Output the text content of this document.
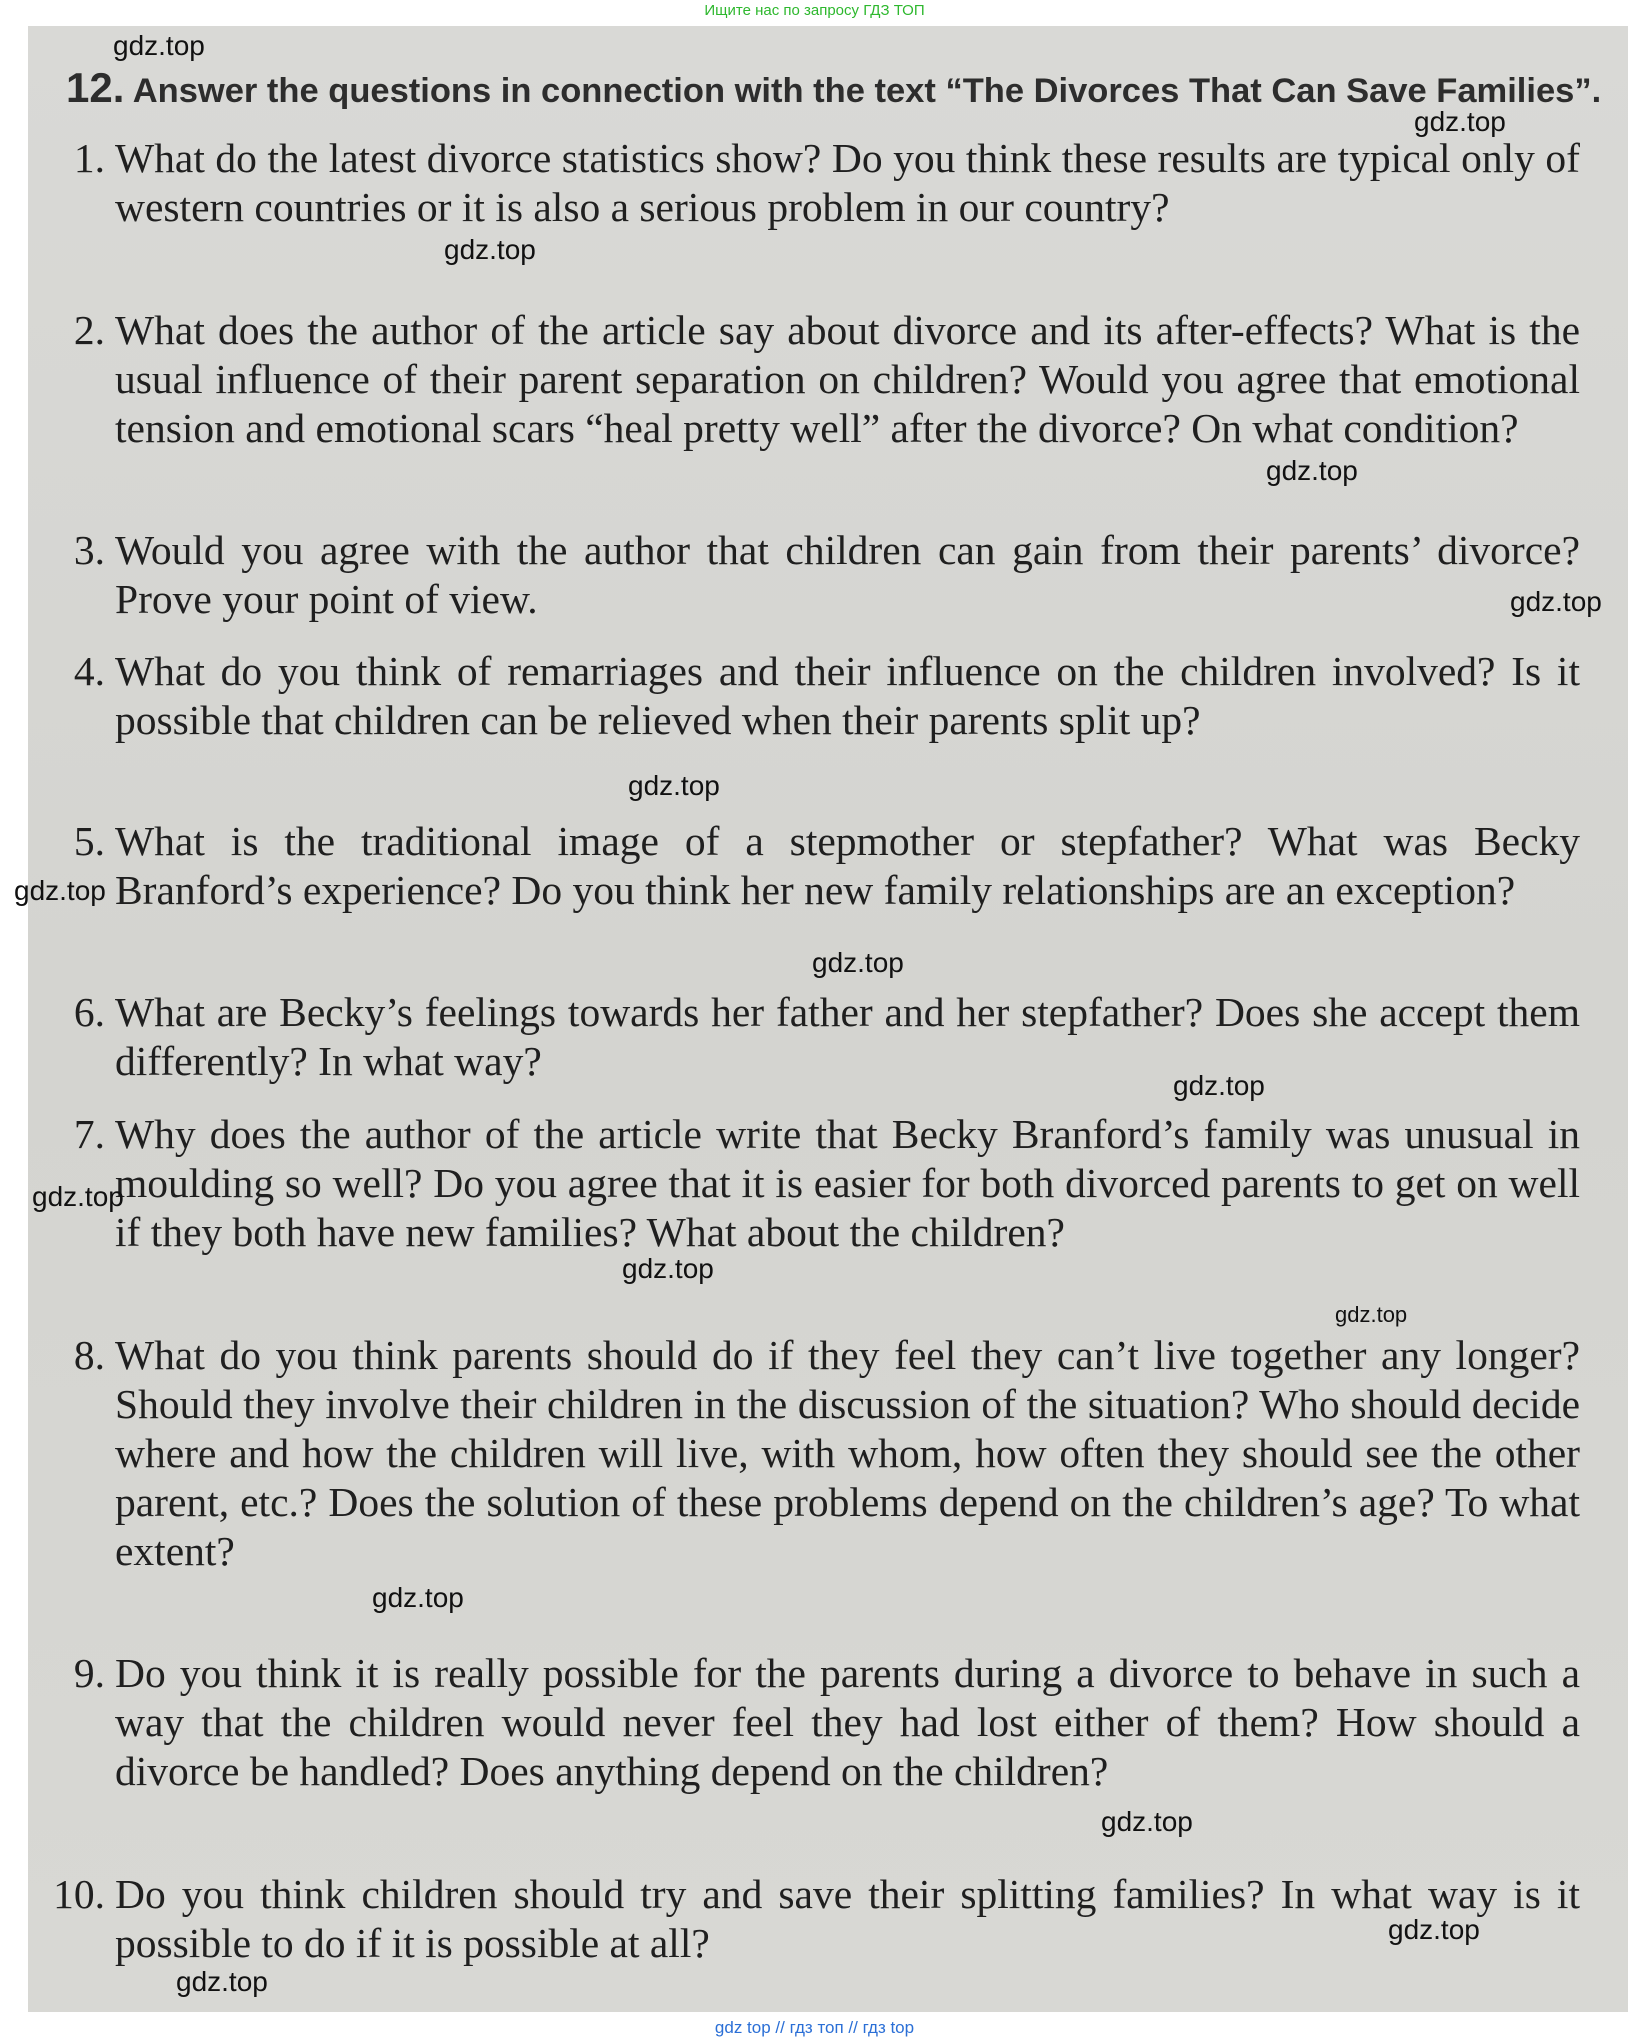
Ищите нас по запросу ГДЗ ТОП
12. Answer the questions in connection with the text “The Divorces That Can Save Families”.
1. What do the latest divorce statistics show? Do you think these results are typical only of western countries or it is also a serious problem in our country?
2. What does the author of the article say about divorce and its after-effects? What is the usual influence of their parent separation on children? Would you agree that emotional tension and emotional scars “heal pretty well” after the divorce? On what condition?
3. Would you agree with the author that children can gain from their parents’ divorce? Prove your point of view.
4. What do you think of remarriages and their influence on the children involved? Is it possible that children can be relieved when their parents split up?
5. What is the traditional image of a stepmother or stepfather? What was Becky Branford’s experience? Do you think her new family relationships are an exception?
6. What are Becky’s feelings towards her father and her stepfather? Does she accept them differently? In what way?
7. Why does the author of the article write that Becky Branford’s family was unusual in moulding so well? Do you agree that it is easier for both divorced parents to get on well if they both have new families? What about the children?
8. What do you think parents should do if they feel they can’t live together any longer? Should they involve their children in the discussion of the situation? Who should decide where and how the children will live, with whom, how often they should see the other parent, etc.? Does the solution of these problems depend on the children’s age? To what extent?
9. Do you think it is really possible for the parents during a divorce to behave in such a way that the children would never feel they had lost either of them? How should a divorce be handled? Does anything depend on the children?
10. Do you think children should try and save their splitting families? In what way is it possible to do if it is possible at all?
gdz.top
gdz.top
gdz.top
gdz.top
gdz.top
gdz.top
gdz.top
gdz.top
gdz.top
gdz.top
gdz.top
gdz.top
gdz.top
gdz.top
gdz.top
gdz.top
gdz top // гдз топ // гдз top
